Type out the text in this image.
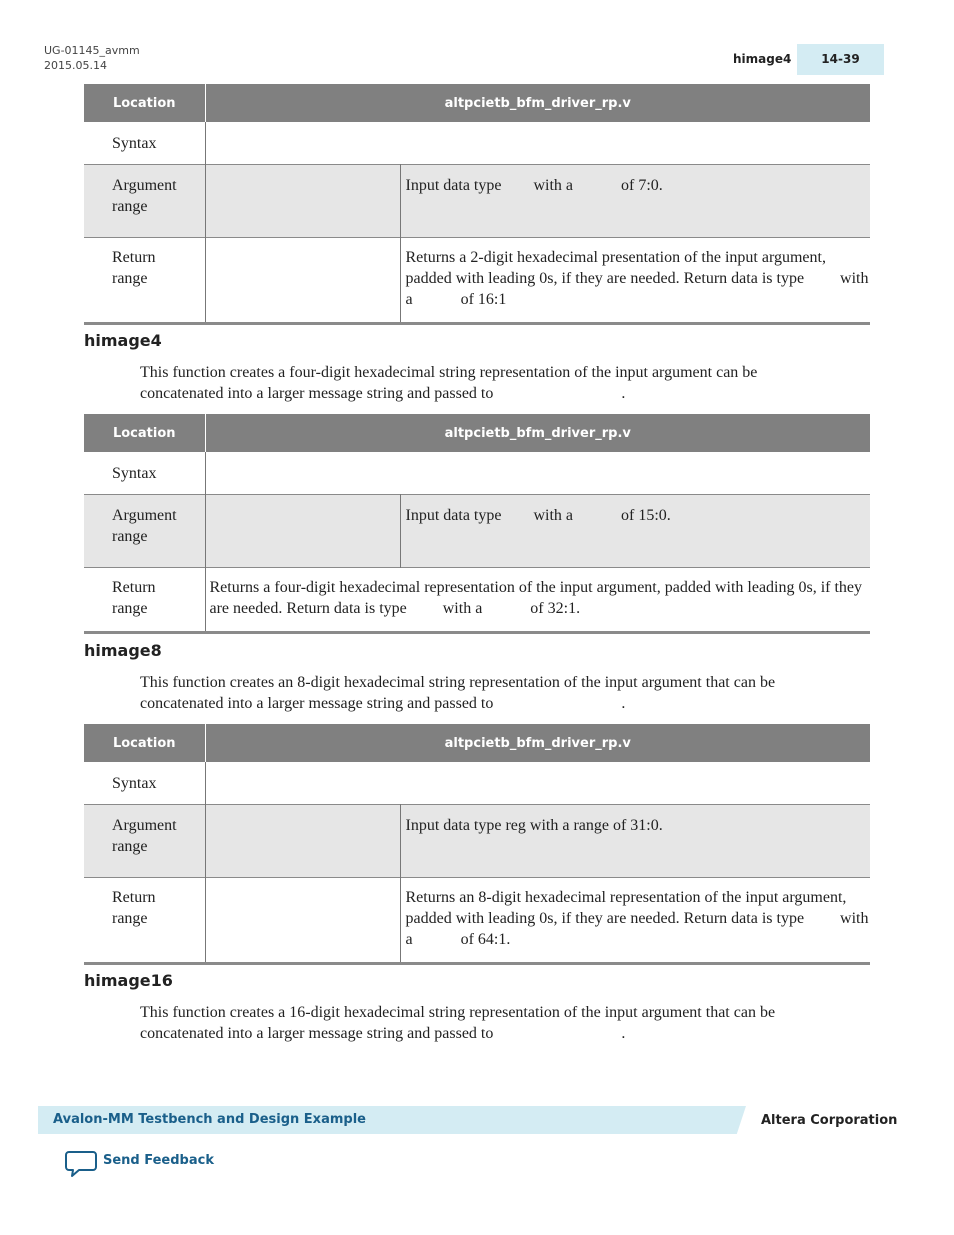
UG-01145_avmm
2015.05.14	himage4	14-39
Location	altpcietb_bfm_driver_rp.v	
Syntax		

Argument
range		Input data type        with a            of 7:0.

Return
range		Returns a 2-digit hexadecimal presentation of the input argument, padded with leading 0s, if they are needed. Return data is type         with a            of 16:1
himage4
This function creates a four-digit hexadecimal string representation of the input argument can be concatenated into a larger message string and passed to                                .
Location	altpcietb_bfm_driver_rp.v	
Syntax		

Argument
range		Input data type        with a            of 15:0.

Return
range	Returns a four-digit hexadecimal representation of the input argument, padded with leading 0s, if they are needed. Return data is type         with a            of 32:1.	
himage8
This function creates an 8-digit hexadecimal string representation of the input argument that can be concatenated into a larger message string and passed to                                .
Location	altpcietb_bfm_driver_rp.v	
Syntax		

Argument
range		Input data type reg with a range of 31:0.

Return
range		Returns an 8-digit hexadecimal representation of the input argument, padded with leading 0s, if they are needed. Return data is type         with a            of 64:1.
himage16
This function creates a 16-digit hexadecimal string representation of the input argument that can be concatenated into a larger message string and passed to                                .
Avalon-MM Testbench and Design Example	Altera Corporation
Send Feedback
